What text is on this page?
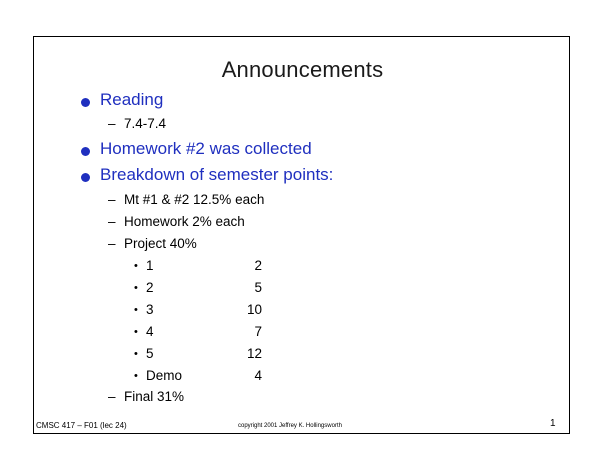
Announcements
Reading
– 7.4-7.4
Homework #2 was collected
Breakdown of semester points:
– Mt #1 & #2 12.5% each
– Homework 2% each
– Project 40%
• 1	2
• 2	5
• 3	10
• 4	7
• 5	12
• Demo	4
– Final 31%
CMSC 417 – F01 (lec 24)	copyright 2001 Jeffrey K. Hollingsworth	1
